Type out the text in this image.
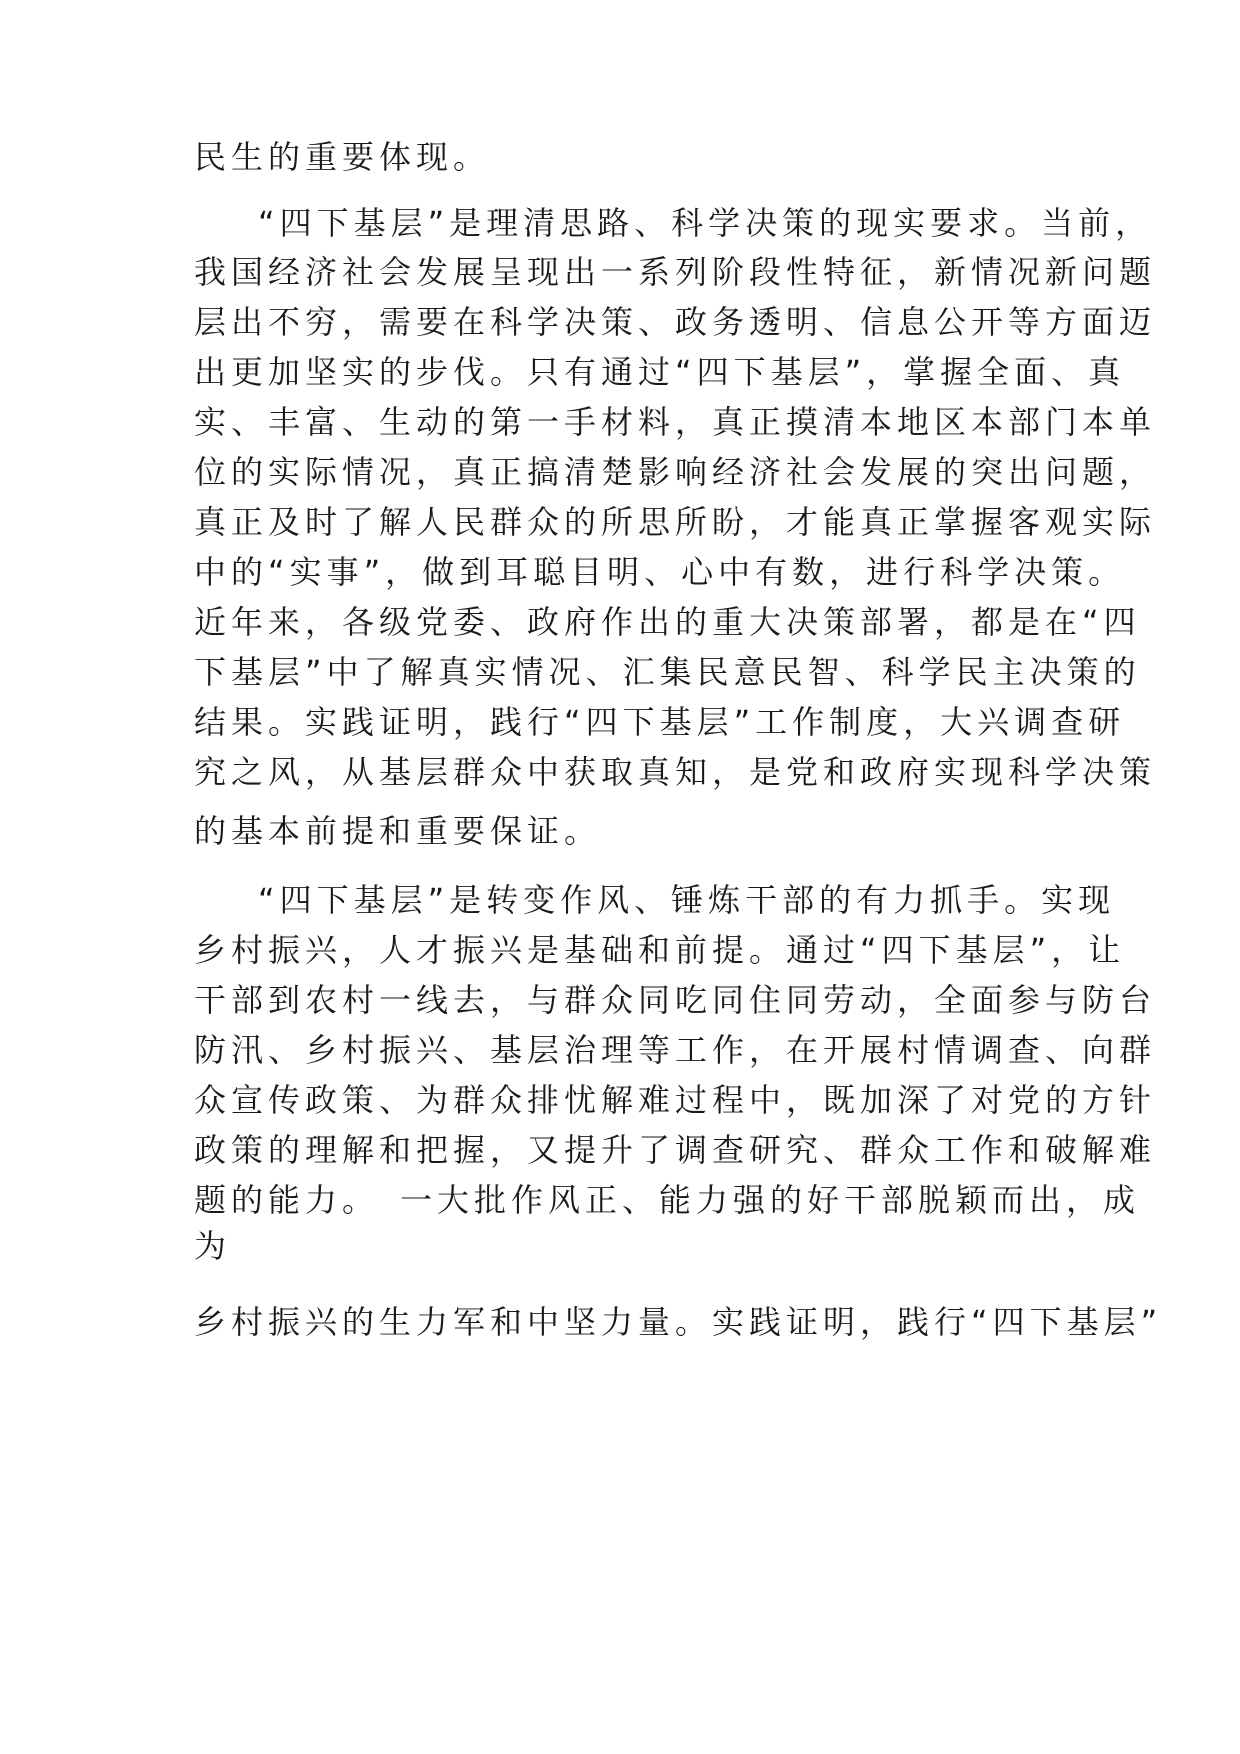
民生的重要体现。

“四下基层”是理清思路、科学决策的现实要求。当前，

我国经济社会发展呈现出一系列阶段性特征，新情况新问题

层出不穷，需要在科学决策、政务透明、信息公开等方面迈

出更加坚实的步伐。只有通过“四下基层”，掌握全面、真

实、丰富、生动的第一手材料，真正摸清本地区本部门本单

位的实际情况，真正搞清楚影响经济社会发展的突出问题，

真正及时了解人民群众的所思所盼，才能真正掌握客观实际

中的“实事”，做到耳聪目明、心中有数，进行科学决策。

近年来，各级党委、政府作出的重大决策部署，都是在“四

下基层”中了解真实情况、汇集民意民智、科学民主决策的

结果。实践证明，践行“四下基层”工作制度，大兴调查研

究之风，从基层群众中获取真知，是党和政府实现科学决策

的基本前提和重要保证。

“四下基层”是转变作风、锤炼干部的有力抓手。实现

乡村振兴，人才振兴是基础和前提。通过“四下基层”，让

干部到农村一线去，与群众同吃同住同劳动，全面参与防台

防汛、乡村振兴、基层治理等工作，在开展村情调查、向群

众宣传政策、为群众排忧解难过程中，既加深了对党的方针

政策的理解和把握，又提升了调查研究、群众工作和破解难

题的能力。　一大批作风正、能力强的好干部脱颖而出，成

为

乡村振兴的生力军和中坚力量。实践证明，践行“四下基层”
